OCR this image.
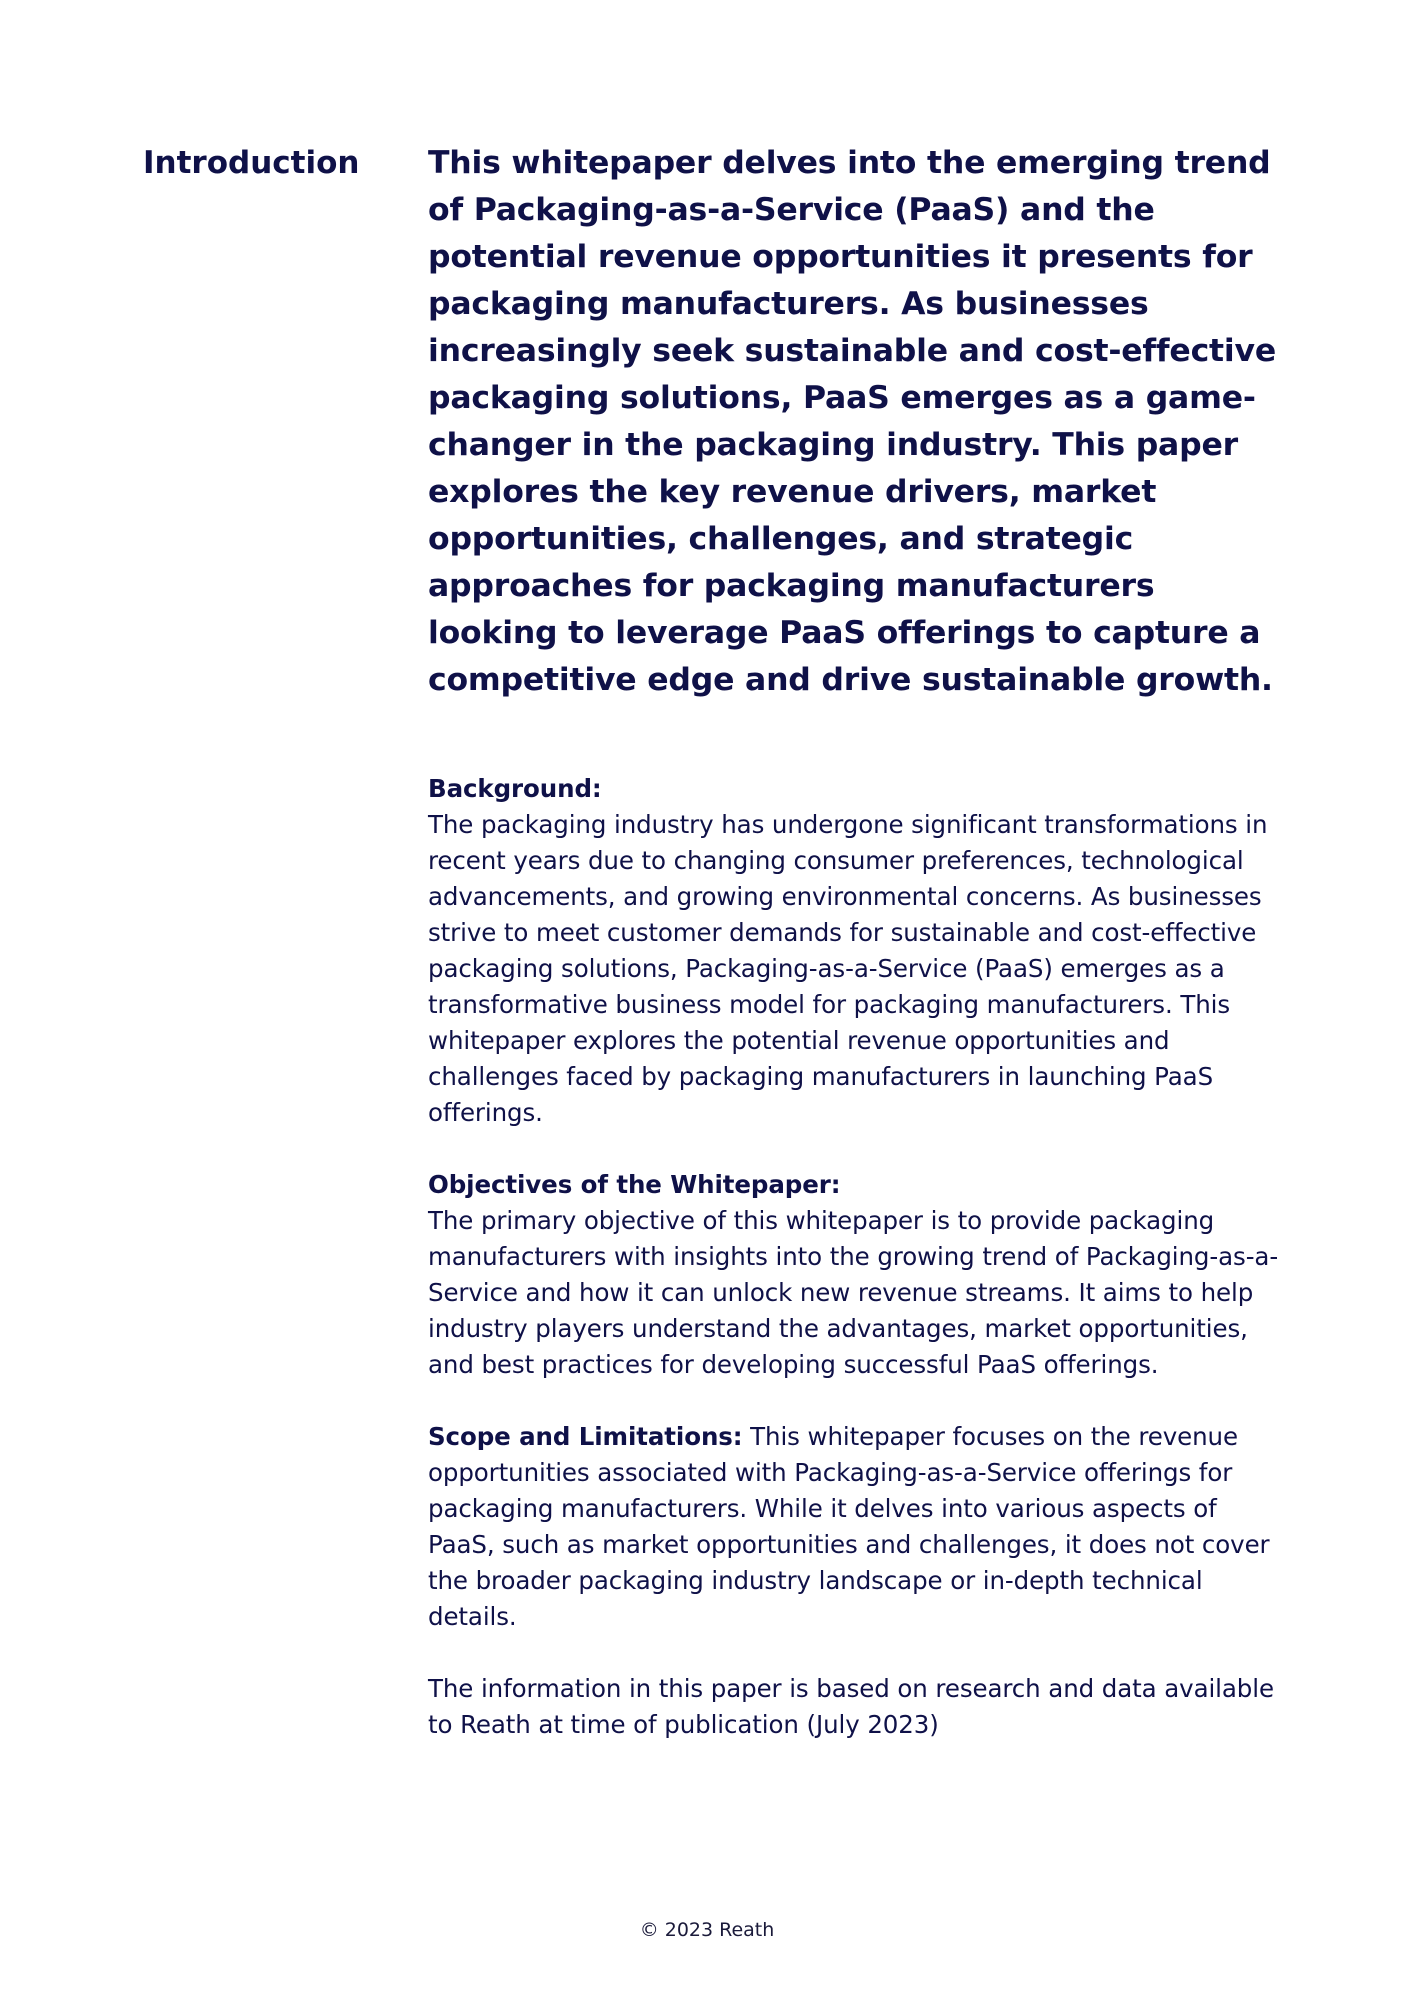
Introduction This whitepaper delves into the emerging trend of Packaging-as-a-Service (PaaS) and the potential revenue opportunities it presents for packaging manufacturers. As businesses increasingly seek sustainable and cost-effective packaging solutions, PaaS emerges as a game-changer in the packaging industry. This paper explores the key revenue drivers, market opportunities, challenges, and strategic approaches for packaging manufacturers looking to leverage PaaS offerings to capture a competitive edge and drive sustainable growth.

Background:
The packaging industry has undergone significant transformations in recent years due to changing consumer preferences, technological advancements, and growing environmental concerns. As businesses strive to meet customer demands for sustainable and cost-effective packaging solutions, Packaging-as-a-Service (PaaS) emerges as a transformative business model for packaging manufacturers. This whitepaper explores the potential revenue opportunities and challenges faced by packaging manufacturers in launching PaaS offerings.

Objectives of the Whitepaper:
The primary objective of this whitepaper is to provide packaging manufacturers with insights into the growing trend of Packaging-as-a-Service and how it can unlock new revenue streams. It aims to help industry players understand the advantages, market opportunities, and best practices for developing successful PaaS offerings.

Scope and Limitations: This whitepaper focuses on the revenue opportunities associated with Packaging-as-a-Service offerings for packaging manufacturers. While it delves into various aspects of PaaS, such as market opportunities and challenges, it does not cover the broader packaging industry landscape or in-depth technical details.

The information in this paper is based on research and data available to Reath at time of publication (July 2023)

© 2023 Reath
